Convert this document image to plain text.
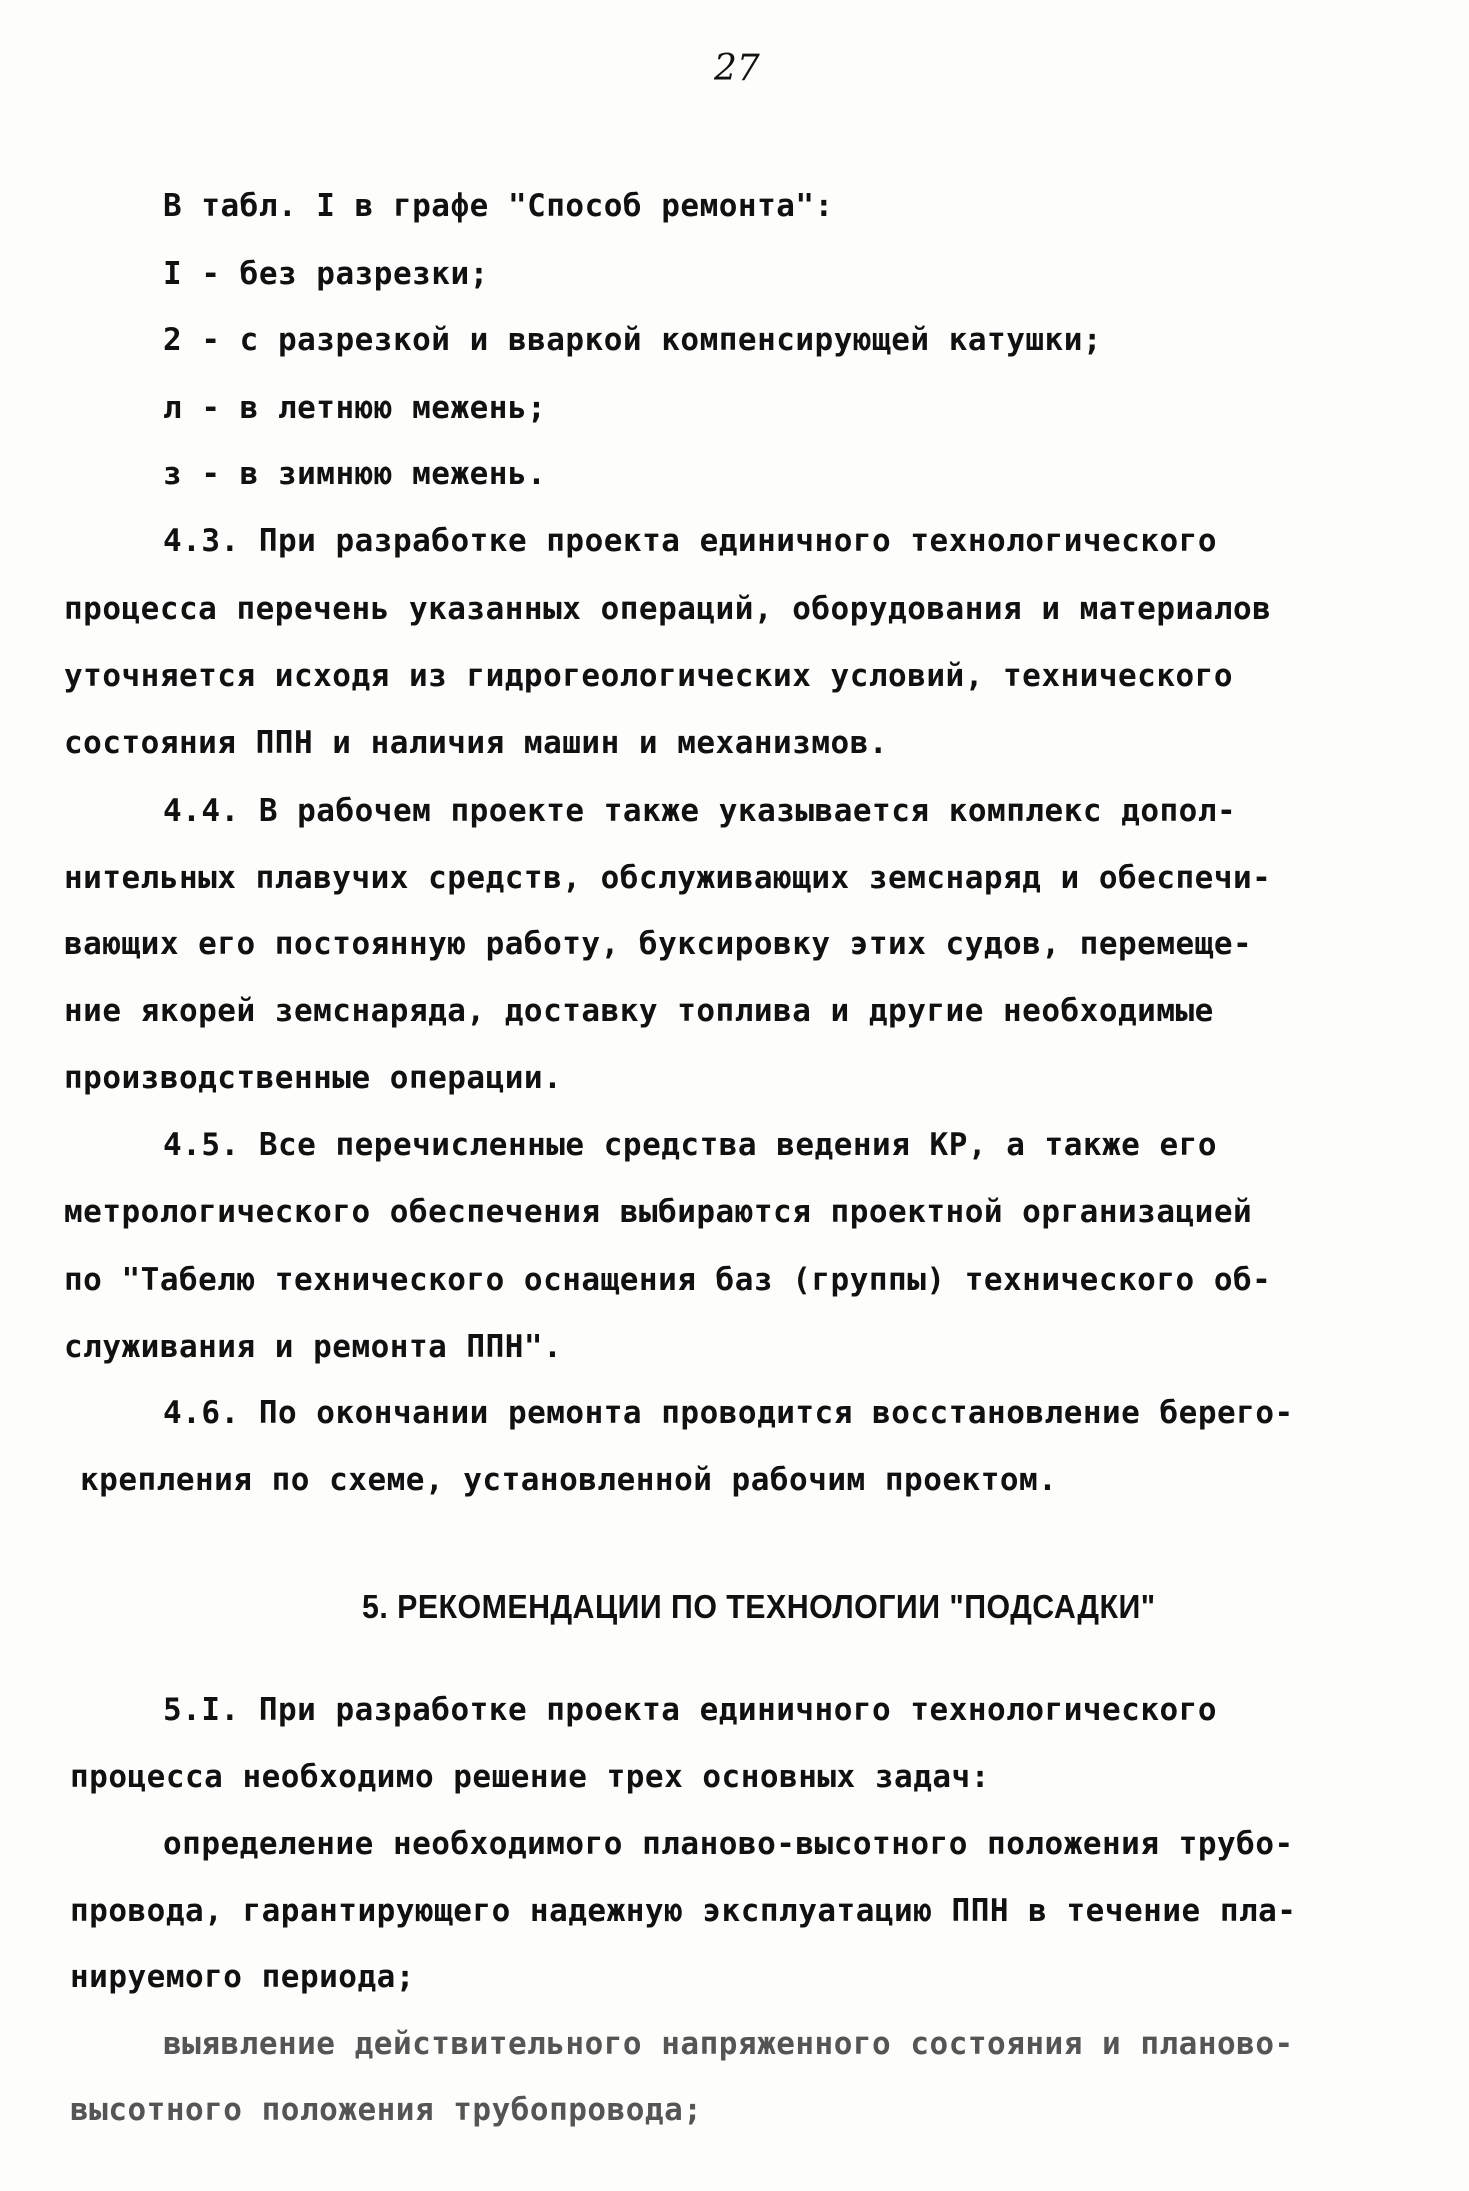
27
В табл. I в графе "Способ ремонта":
I - без разрезки;
2 - с разрезкой и вваркой компенсирующей катушки;
л - в летнюю межень;
з - в зимнюю межень.
4.3. При разработке проекта единичного технологического
процесса перечень указанных операций, оборудования и материалов
уточняется исходя из гидрогеологических условий, технического
состояния ППН и наличия машин и механизмов.
4.4. В рабочем проекте также указывается комплекс допол-
нительных плавучих средств, обслуживающих земснаряд и обеспечи-
вающих его постоянную работу, буксировку этих судов, перемеще-
ние якорей земснаряда, доставку топлива и другие необходимые
производственные операции.
4.5. Все перечисленные средства ведения КР, а также его
метрологического обеспечения выбираются проектной организацией
по "Табелю технического оснащения баз (группы) технического об-
служивания и ремонта ППН".
4.6. По окончании ремонта проводится восстановление берего-
крепления по схеме, установленной рабочим проектом.
5. РЕКОМЕНДАЦИИ ПО ТЕХНОЛОГИИ "ПОДСАДКИ"
5.I. При разработке проекта единичного технологического
процесса необходимо решение трех основных задач:
определение необходимого планово-высотного положения трубо-
провода, гарантирующего надежную эксплуатацию ППН в течение пла-
нируемого периода;
выявление действительного напряженного состояния и планово-
высотного положения трубопровода;
